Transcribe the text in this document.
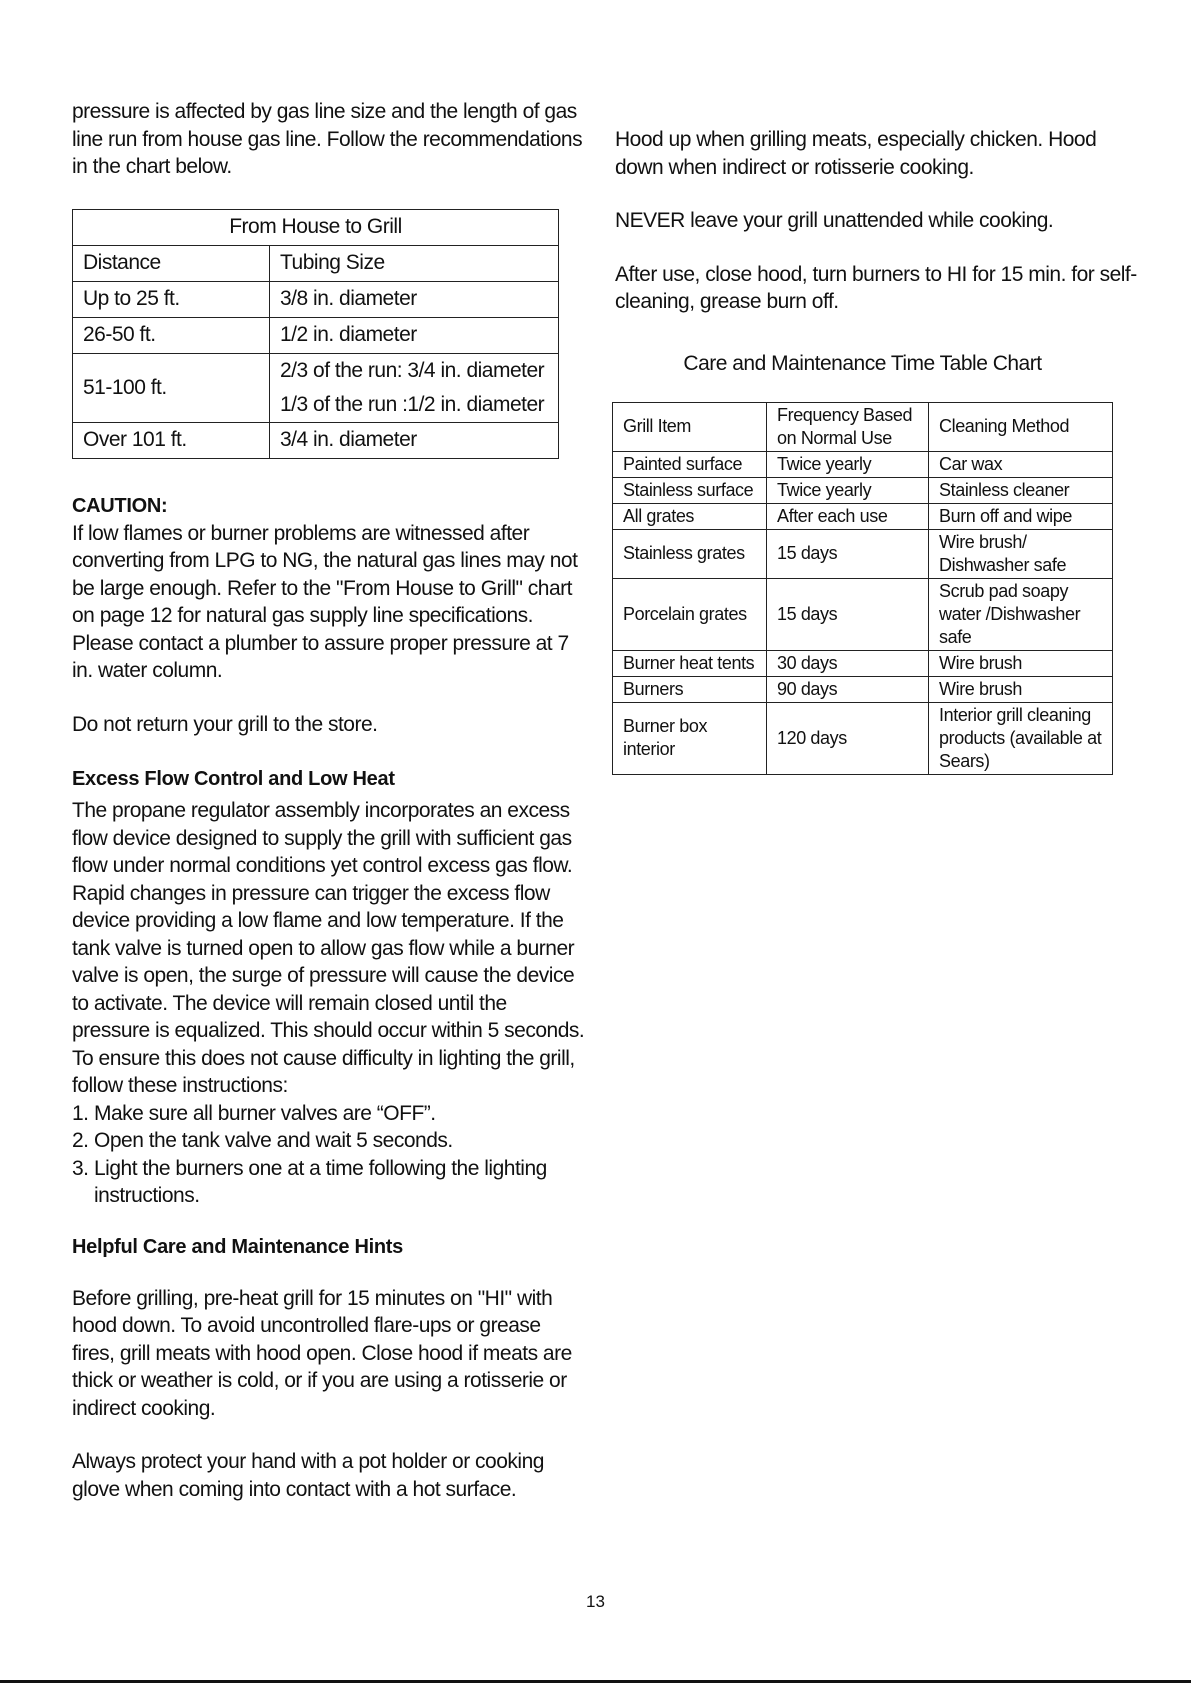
pressure is affected by gas line size and the length of gas line run from house gas line. Follow the recommendations in the chart below.

From House to Grill	
Distance	Tubing Size
Up to 25 ft.	3/8 in. diameter
26-50 ft.	1/2 in. diameter
51-100 ft.	2/3 of the run: 3/4 in. diameter
1/3 of the run :1/2 in. diameter

Over 101 ft.	3/4 in. diameter
CAUTION:

If low flames or burner problems are witnessed after converting from LPG to NG, the natural gas lines may not be large enough. Refer to the "From House to Grill" chart on page 12 for natural gas supply line specifications. Please contact a plumber to assure proper pressure at 7 in. water column.

Do not return your grill to the store.

Excess Flow Control and Low Heat

The propane regulator assembly incorporates an excess flow device designed to supply the grill with sufficient gas flow under normal conditions yet control excess gas flow. Rapid changes in pressure can trigger the excess flow device providing a low flame and low temperature. If the tank valve is turned open to allow gas flow while a burner valve is open, the surge of pressure will cause the device to activate. The device will remain closed until the pressure is equalized. This should occur within 5 seconds.

To ensure this does not cause difficulty in lighting the grill, follow these instructions:

1. Make sure all burner valves are “OFF”.
2. Open the tank valve and wait 5 seconds.
3. Light the burners one at a time following the lighting instructions.
Helpful Care and Maintenance Hints

Before grilling, pre-heat grill for 15 minutes on "HI" with hood down. To avoid uncontrolled flare-ups or grease fires, grill meats with hood open. Close hood if meats are thick or weather is cold, or if you are using a rotisserie or indirect cooking.

Always protect your hand with a pot holder or cooking glove when coming into contact with a hot surface.

Hood up when grilling meats, especially chicken. Hood down when indirect or rotisserie cooking.

NEVER leave your grill unattended while cooking.

After use, close hood, turn burners to HI for 15 min. for self-cleaning, grease burn off.

Care and Maintenance Time Table Chart
Grill Item	Frequency Based on Normal Use	Cleaning Method
Painted surface	Twice yearly	Car wax
Stainless surface	Twice yearly	Stainless cleaner
All grates	After each use	Burn off and wipe
Stainless grates	15 days	Wire brush/ Dishwasher safe
Porcelain grates	15 days	Scrub pad soapy water /Dishwasher safe
Burner heat tents	30 days	Wire brush
Burners	90 days	Wire brush
Burner box interior	120 days	Interior grill cleaning products (available at Sears)
13
